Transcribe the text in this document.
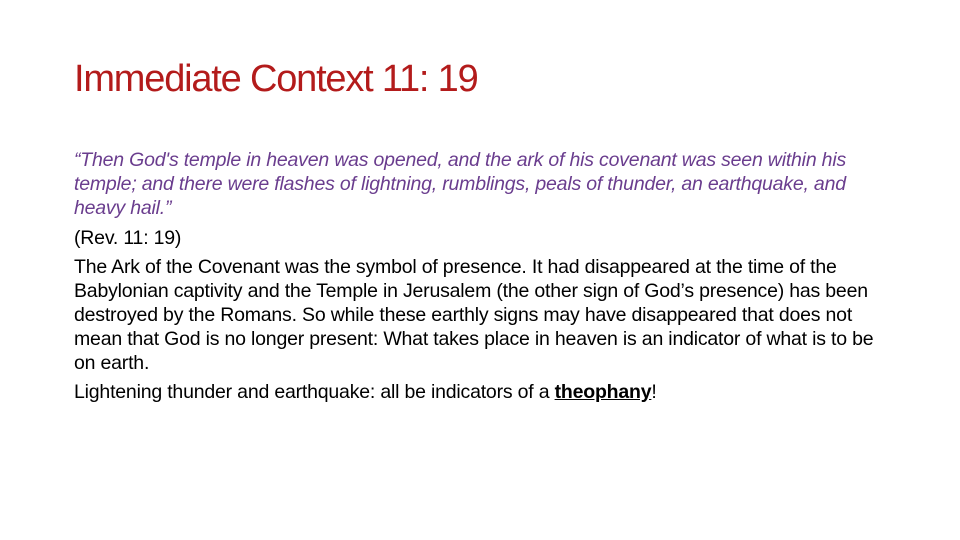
Immediate Context 11: 19

“Then God's temple in heaven was opened, and the ark of his covenant was seen within his temple; and there were flashes of lightning, rumblings, peals of thunder, an earthquake, and heavy hail.”

(Rev. 11: 19)

The Ark of the Covenant was the symbol of presence. It had disappeared at the time of the Babylonian captivity and the Temple in Jerusalem (the other sign of God’s presence) has been destroyed by the Romans. So while these earthly signs may have disappeared that does not mean that God is no longer present: What takes place in heaven is an indicator of what is to be on earth.

Lightening thunder and earthquake: all be indicators of a theophany!
